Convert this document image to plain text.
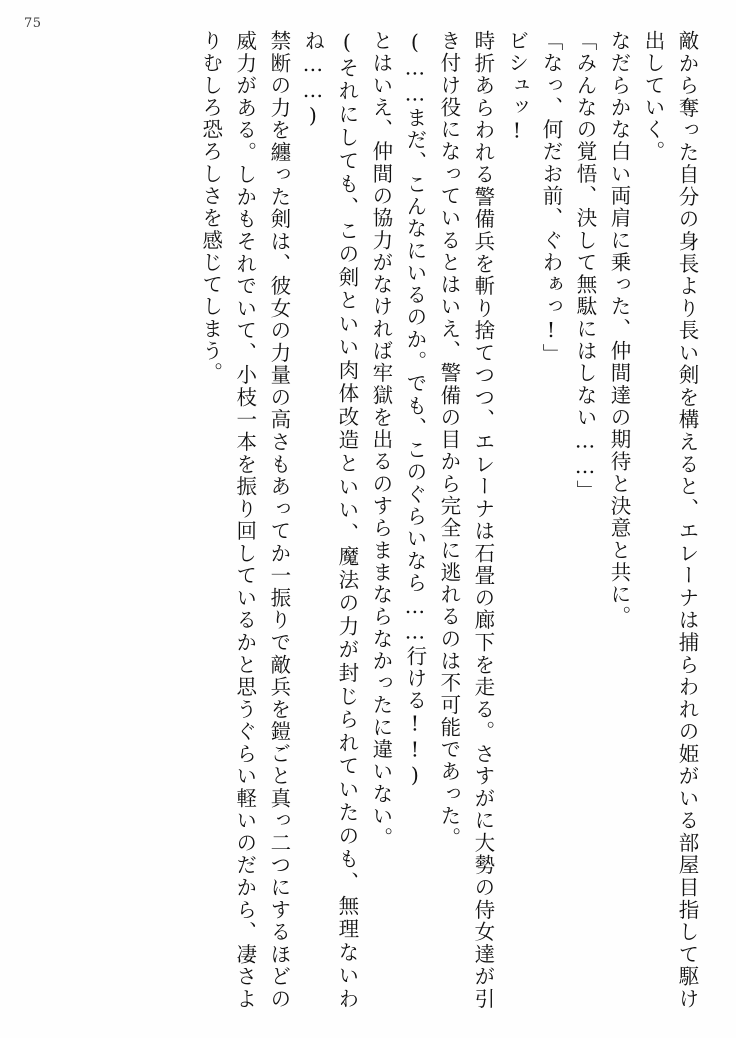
75

敵から奪った自分の身長より長い剣を構えると、エレーナは捕らわれの姫がいる部屋目指して駆け出していく。

なだらかな白い両肩に乗った、仲間達の期待と決意と共に。

「みんなの覚悟、決して無駄にはしない……」

「なっ、何だお前、ぐわぁっ!」

ビシュッ!

時折あらわれる警備兵を斬り捨てつつ、エレーナは石畳の廊下を走る。さすがに大勢の侍女達が引き付け役になっているとはいえ、警備の目から完全に逃れるのは不可能であった。

(……まだ、こんなにいるのか。でも、このぐらいなら……行ける!!)

とはいえ、仲間の協力がなければ牢獄を出るのすらままならなかったに違いない。

(それにしても、この剣といい肉体改造といい、魔法の力が封じられていたのも、無理ないわね……)

禁断の力を纏った剣は、彼女の力量の高さもあってか一振りで敵兵を鎧ごと真っ二つにするほどの威力がある。しかもそれでいて、小枝一本を振り回しているかと思うぐらい軽いのだから、凄さよりむしろ恐ろしさを感じてしまう。
